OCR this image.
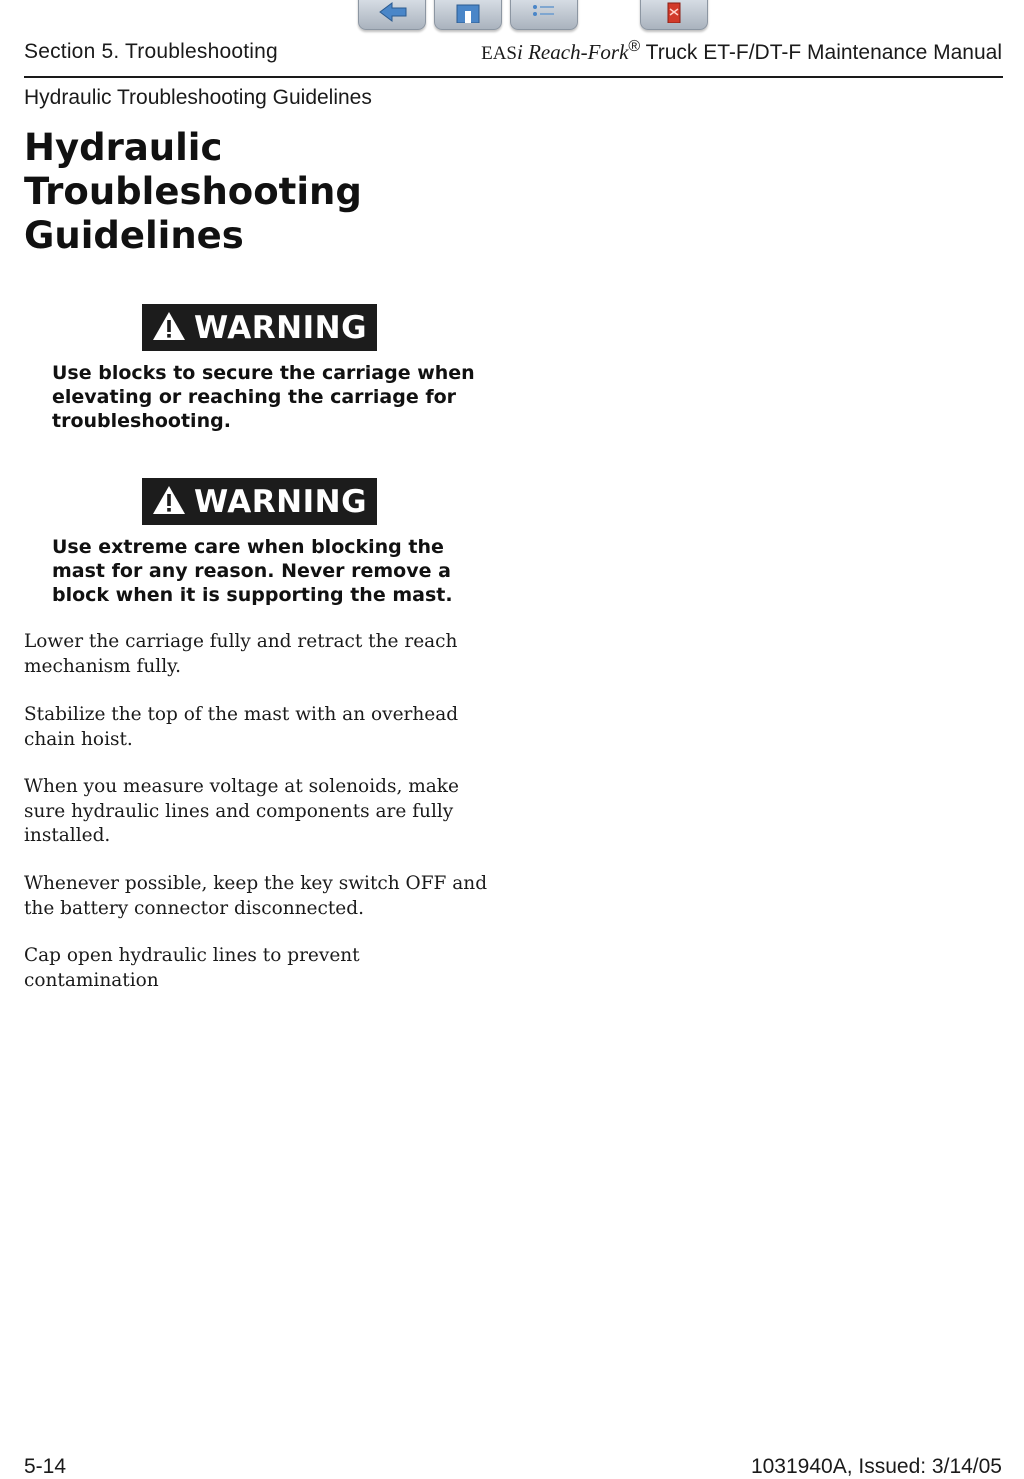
Section 5. Troubleshooting	EASi Reach-Fork® Truck ET-F/DT-F Maintenance Manual
Hydraulic Troubleshooting Guidelines
Hydraulic Troubleshooting Guidelines
WARNING

Use blocks to secure the carriage when elevating or reaching the carriage for troubleshooting.

WARNING

Use extreme care when blocking the mast for any reason. Never remove a block when it is supporting the mast.

Lower the carriage fully and retract the reach mechanism fully.

Stabilize the top of the mast with an overhead chain hoist.

When you measure voltage at solenoids, make sure hydraulic lines and components are fully installed.

Whenever possible, keep the key switch OFF and the battery connector disconnected.

Cap open hydraulic lines to prevent contamination

5-14	1031940A, Issued: 3/14/05
